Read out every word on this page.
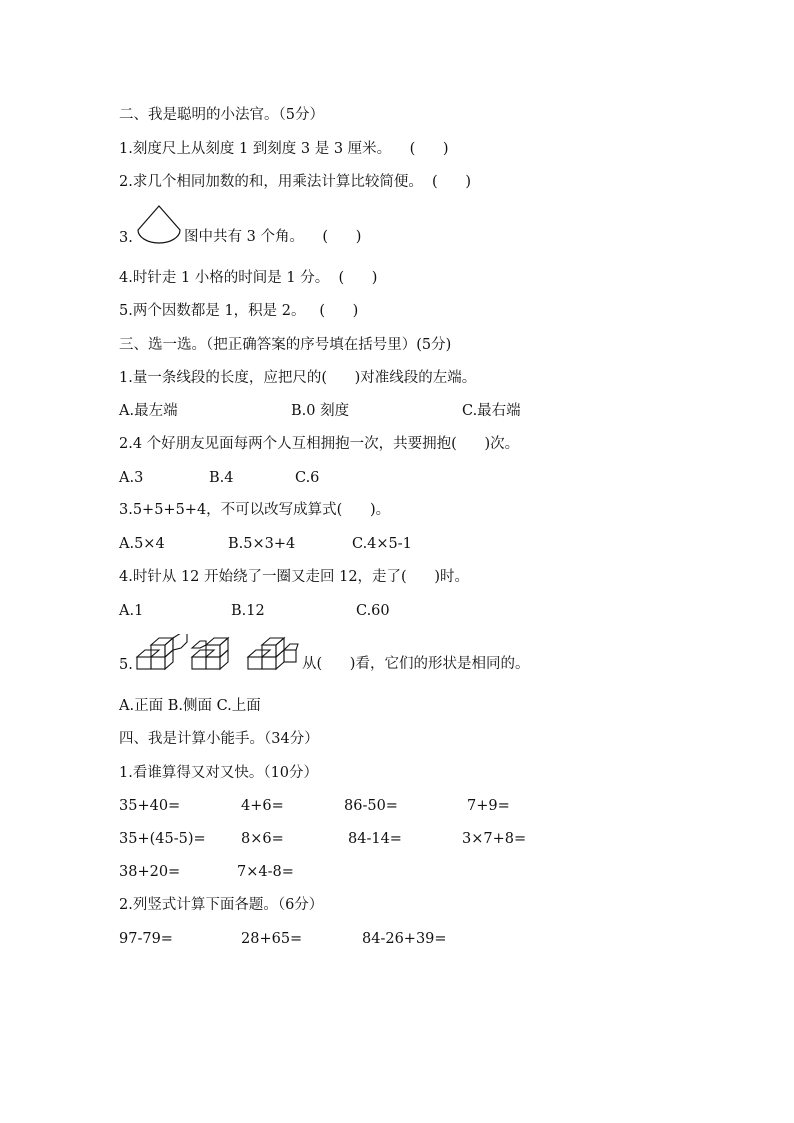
二、我是聪明的小法官。（5分）
1.刻度尺上从刻度 1 到刻度 3 是 3 厘米。    (      )
2.求几个相同加数的和，用乘法计算比较简便。  (      )
3.	图中共有 3 个角。    (      )
4.时针走 1 小格的时间是 1 分。  (      )
5.两个因数都是 1，积是 2。   (      )
三、选一选。（把正确答案的序号填在括号里）(5分)
1.量一条线段的长度，应把尺的(      )对准线段的左端。
A.最左端	B.0 刻度	C.最右端
2.4 个好朋友见面每两个人互相拥抱一次，共要拥抱(      )次。
A.3	B.4	C.6
3.5+5+5+4，不可以改写成算式(      )。
A.5×4	B.5×3+4	C.4×5-1
4.时针从 12 开始绕了一圈又走回 12，走了(      )时。
A.1	B.12	C.60
5.	从(      )看，它们的形状是相同的。
A.正面 B.侧面 C.上面
四、我是计算小能手。（34分）
1.看谁算得又对又快。（10分）
35+40=	4+6=	86-50=	7+9=
35+(45-5)= 8×6=	84-14=	3×7+8=
38+20=	7×4-8=
2.列竖式计算下面各题。（6分）
97-79=	28+65=	84-26+39=
